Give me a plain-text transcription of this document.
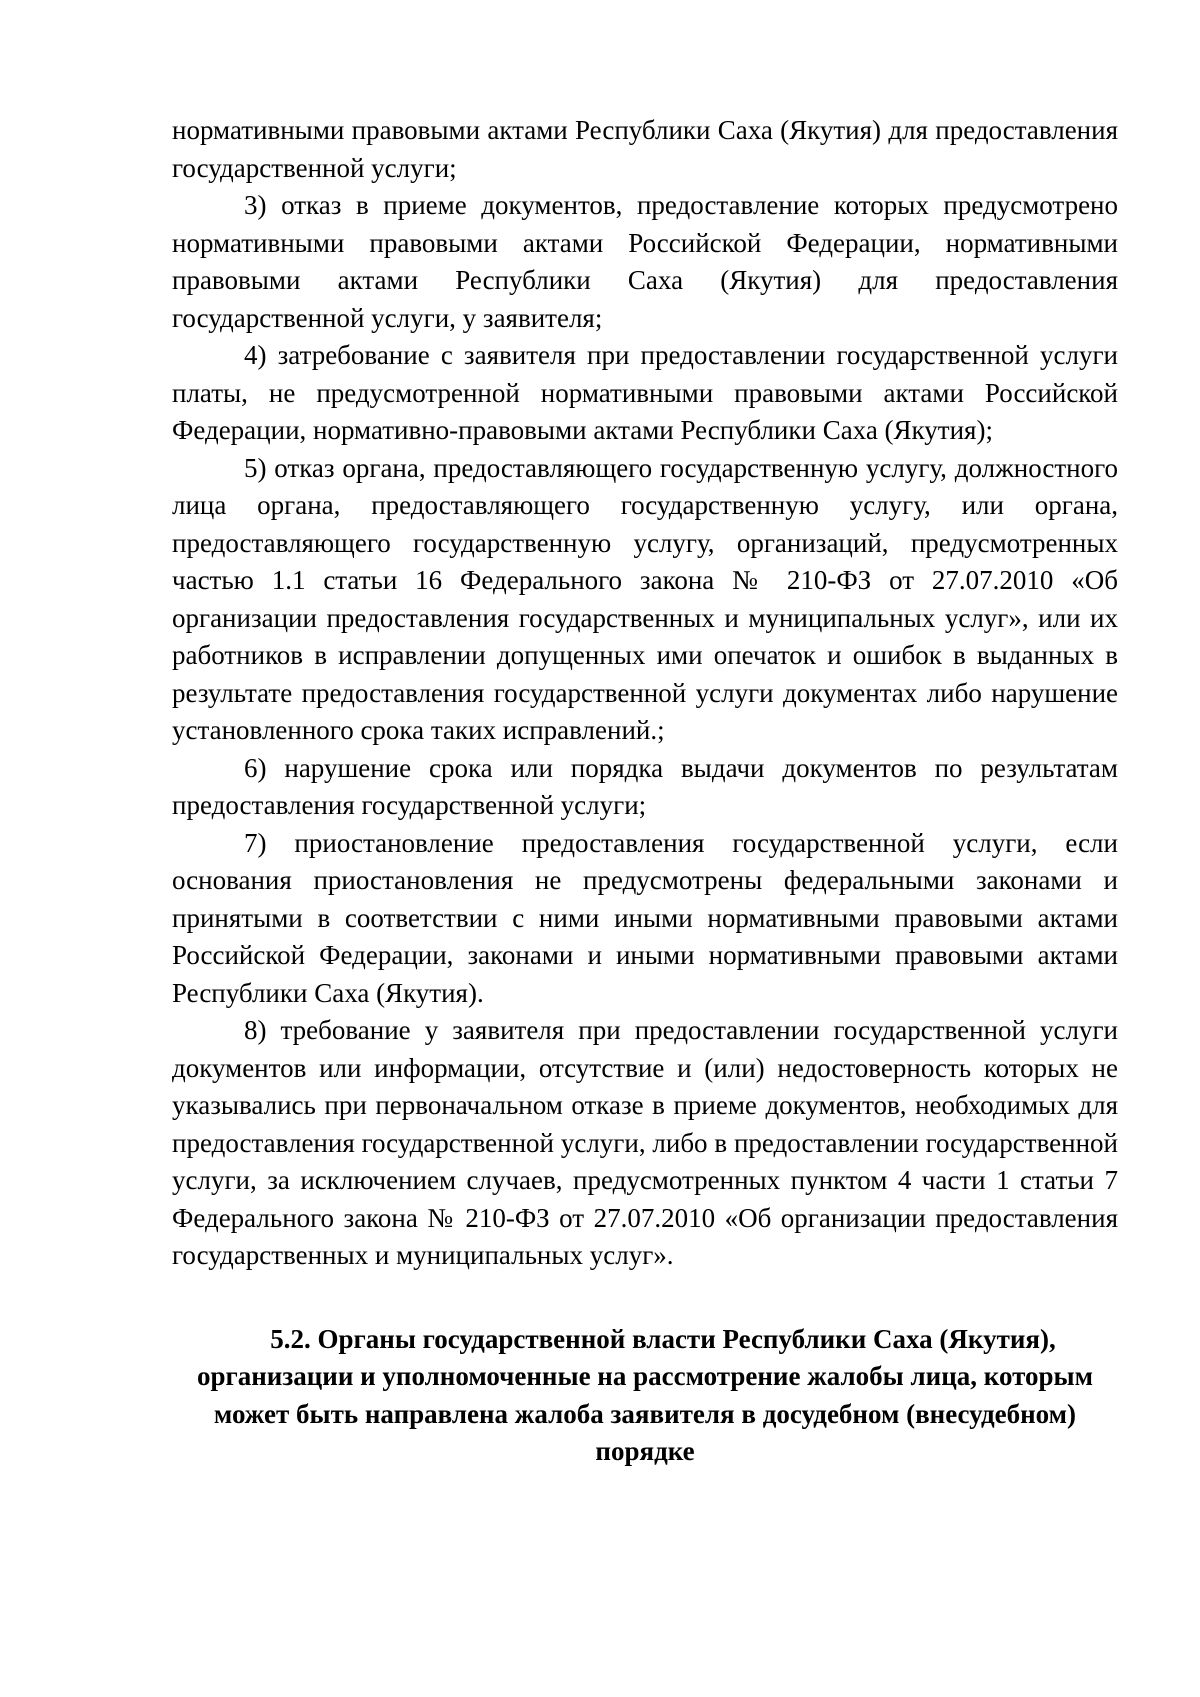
нормативными правовыми актами Республики Саха (Якутия) для предоставления государственной услуги;

3) отказ в приеме документов, предоставление которых предусмотрено нормативными правовыми актами Российской Федерации, нормативными правовыми актами Республики Саха (Якутия) для предоставления государственной услуги, у заявителя;

4) затребование с заявителя при предоставлении государственной услуги платы, не предусмотренной нормативными правовыми актами Российской Федерации, нормативно-правовыми актами Республики Саха (Якутия);

5) отказ органа, предоставляющего государственную услугу, должностного лица органа, предоставляющего государственную услугу, или органа, предоставляющего государственную услугу, организаций, предусмотренных частью 1.1 статьи 16 Федерального закона № 210-ФЗ от 27.07.2010 «Об организации предоставления государственных и муниципальных услуг», или их работников в исправлении допущенных ими опечаток и ошибок в выданных в результате предоставления государственной услуги документах либо нарушение установленного срока таких исправлений.;

6) нарушение срока или порядка выдачи документов по результатам предоставления государственной услуги;

7) приостановление предоставления государственной услуги, если основания приостановления не предусмотрены федеральными законами и принятыми в соответствии с ними иными нормативными правовыми актами Российской Федерации, законами и иными нормативными правовыми актами Республики Саха (Якутия).

8) требование у заявителя при предоставлении государственной услуги документов или информации, отсутствие и (или) недостоверность которых не указывались при первоначальном отказе в приеме документов, необходимых для предоставления государственной услуги, либо в предоставлении государственной услуги, за исключением случаев, предусмотренных пунктом 4 части 1 статьи 7 Федерального закона № 210-ФЗ от 27.07.2010 «Об организации предоставления государственных и муниципальных услуг».

5.2. Органы государственной власти Республики Саха (Якутия),
организации и уполномоченные на рассмотрение жалобы лица, которым
может быть направлена жалоба заявителя в досудебном (внесудебном)
порядке
